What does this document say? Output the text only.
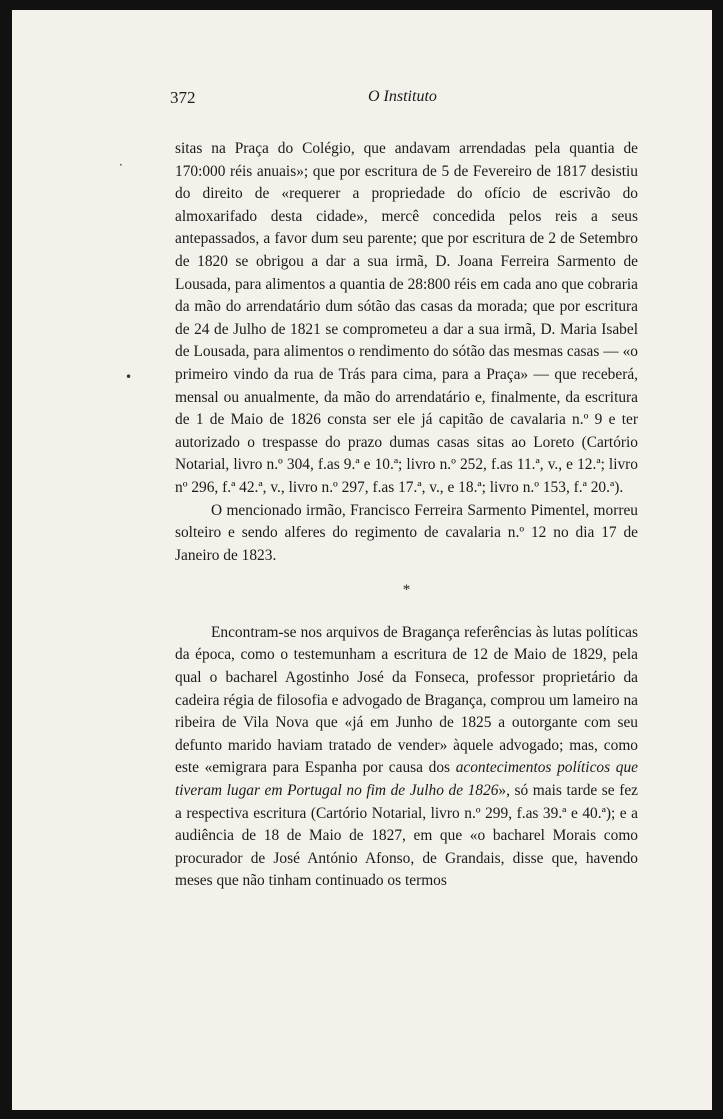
372	O Instituto
·
•

sitas na Praça do Colégio, que andavam arrendadas pela quantia de 170:000 réis anuais»; que por escritura de 5 de Fevereiro de 1817 desistiu do direito de «requerer a propriedade do ofício de escrivão do almoxarifado desta cidade», mercê concedida pelos reis a seus antepassados, a favor dum seu parente; que por escritura de 2 de Setembro de 1820 se obrigou a dar a sua irmã, D. Joana Ferreira Sarmento de Lousada, para alimentos a quantia de 28:800 réis em cada ano que cobraria da mão do arrendatário dum sótão das casas da morada; que por escritura de 24 de Julho de 1821 se comprometeu a dar a sua irmã, D. Maria Isabel de Lousada, para alimentos o rendimento do sótão das mesmas casas — «o primeiro vindo da rua de Trás para cima, para a Praça» — que receberá, mensal ou anualmente, da mão do arrendatário e, finalmente, da escritura de 1 de Maio de 1826 consta ser ele já capitão de cavalaria n.º 9 e ter autorizado o trespasse do prazo dumas casas sitas ao Loreto (Cartório Notarial, livro n.º 304, f.as 9.ª e 10.ª; livro n.º 252, f.as 11.ª, v., e 12.ª; livro nº 296, f.ª 42.ª, v., livro n.º 297, f.as 17.ª, v., e 18.ª; livro n.º 153, f.ª 20.ª).

O mencionado irmão, Francisco Ferreira Sarmento Pimentel, morreu solteiro e sendo alferes do regimento de cavalaria n.º 12 no dia 17 de Janeiro de 1823.

*

Encontram-se nos arquivos de Bragança referências às lutas políticas da época, como o testemunham a escritura de 12 de Maio de 1829, pela qual o bacharel Agostinho José da Fonseca, professor proprietário da cadeira régia de filosofia e advogado de Bragança, comprou um lameiro na ribeira de Vila Nova que «já em Junho de 1825 a outorgante com seu defunto marido haviam tratado de vender» àquele advogado; mas, como este «emigrara para Espanha por causa dos acontecimentos políticos que tiveram lugar em Portugal no fim de Julho de 1826», só mais tarde se fez a respectiva escritura (Cartório Notarial, livro n.º 299, f.as 39.ª e 40.ª); e a audiência de 18 de Maio de 1827, em que «o bacharel Morais como procurador de José António Afonso, de Grandais, disse que, havendo meses que não tinham continuado os termos
